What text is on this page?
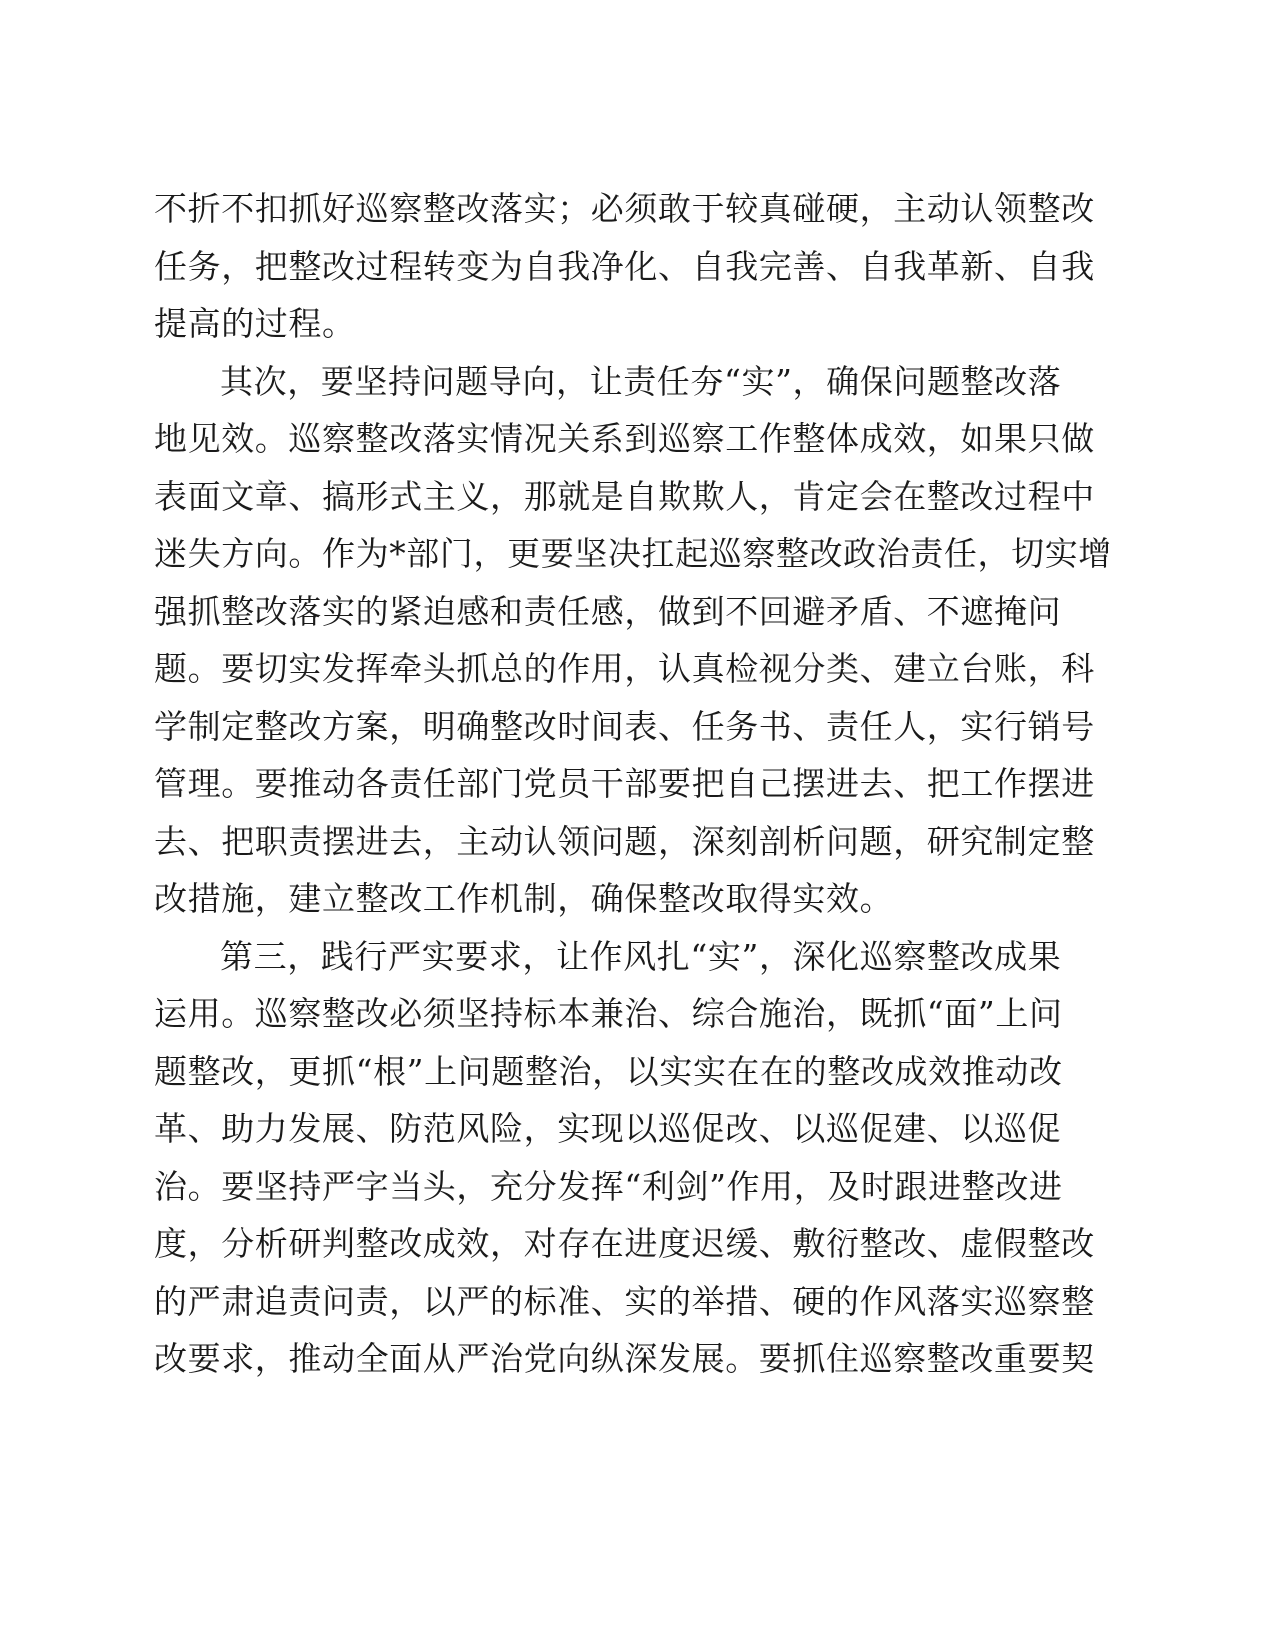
不折不扣抓好巡察整改落实；必须敢于较真碰硬，主动认领整改
任务，把整改过程转变为自我净化、自我完善、自我革新、自我
提高的过程。
其次，要坚持问题导向，让责任夯“实”，确保问题整改落
地见效。巡察整改落实情况关系到巡察工作整体成效，如果只做
表面文章、搞形式主义，那就是自欺欺人，肯定会在整改过程中
迷失方向。作为*部门，更要坚决扛起巡察整改政治责任，切实增
强抓整改落实的紧迫感和责任感，做到不回避矛盾、不遮掩问
题。要切实发挥牵头抓总的作用，认真检视分类、建立台账，科
学制定整改方案，明确整改时间表、任务书、责任人，实行销号
管理。要推动各责任部门党员干部要把自己摆进去、把工作摆进
去、把职责摆进去，主动认领问题，深刻剖析问题，研究制定整
改措施，建立整改工作机制，确保整改取得实效。
第三，践行严实要求，让作风扎“实”，深化巡察整改成果
运用。巡察整改必须坚持标本兼治、综合施治，既抓“面”上问
题整改，更抓“根”上问题整治，以实实在在的整改成效推动改
革、助力发展、防范风险，实现以巡促改、以巡促建、以巡促
治。要坚持严字当头，充分发挥“利剑”作用，及时跟进整改进
度，分析研判整改成效，对存在进度迟缓、敷衍整改、虚假整改
的严肃追责问责，以严的标准、实的举措、硬的作风落实巡察整
改要求，推动全面从严治党向纵深发展。要抓住巡察整改重要契
